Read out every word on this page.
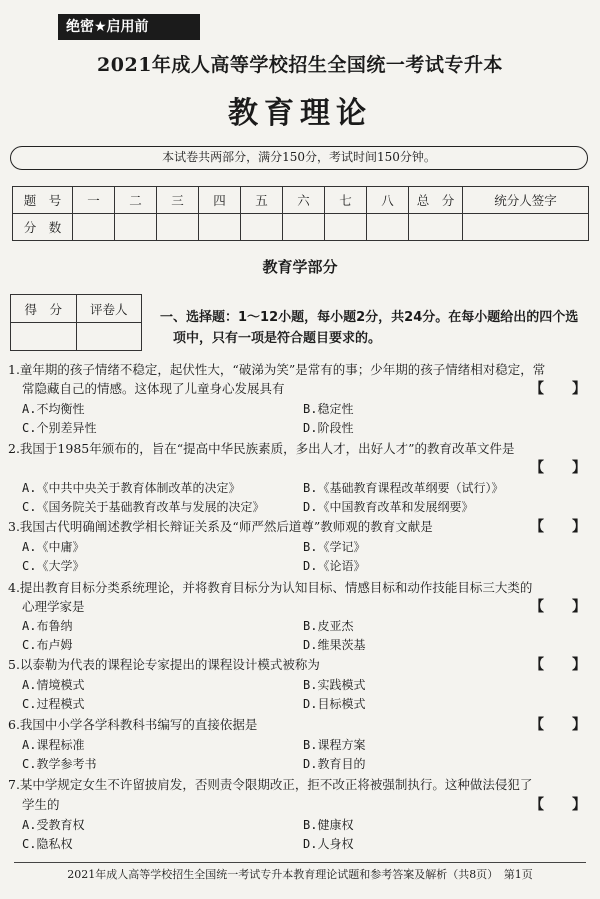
绝密★启用前
2021年成人高等学校招生全国统一考试专升本
教育理论
本试卷共两部分，满分150分，考试时间150分钟。
题　号	一	二	三	四	五	六	七	八	总　分	统分人签字
分　数										
教育学部分
得　分	评卷人

一、选择题：1～12小题，每小题2分，共24分。在每小题给出的四个选
项中，只有一项是符合题目要求的。
1.童年期的孩子情绪不稳定，起伏性大，“破涕为笑”是常有的事；少年期的孩子情绪相对稳定，常
常隐藏自己的情感。这体现了儿童身心发展具有	【　　】
A.不均衡性	B.稳定性
C.个别差异性	D.阶段性
2.我国于1985年颁布的，旨在“提高中华民族素质，多出人才，出好人才”的教育改革文件是
【　　】
A.《中共中央关于教育体制改革的决定》	B.《基础教育课程改革纲要（试行）》
C.《国务院关于基础教育改革与发展的决定》	D.《中国教育改革和发展纲要》
3.我国古代明确阐述教学相长辩证关系及“师严然后道尊”教师观的教育文献是	【　　】
A.《中庸》	B.《学记》
C.《大学》	D.《论语》
4.提出教育目标分类系统理论，并将教育目标分为认知目标、情感目标和动作技能目标三大类的
心理学家是	【　　】
A.布鲁纳	B.皮亚杰
C.布卢姆	D.维果茨基
5.以泰勒为代表的课程论专家提出的课程设计模式被称为	【　　】
A.情境模式	B.实践模式
C.过程模式	D.目标模式
6.我国中小学各学科教科书编写的直接依据是	【　　】
A.课程标准	B.课程方案
C.教学参考书	D.教育目的
7.某中学规定女生不许留披肩发，否则责令限期改正，拒不改正将被强制执行。这种做法侵犯了
学生的	【　　】
A.受教育权	B.健康权
C.隐私权	D.人身权
2021年成人高等学校招生全国统一考试专升本教育理论试题和参考答案及解析（共8页）　第1页
